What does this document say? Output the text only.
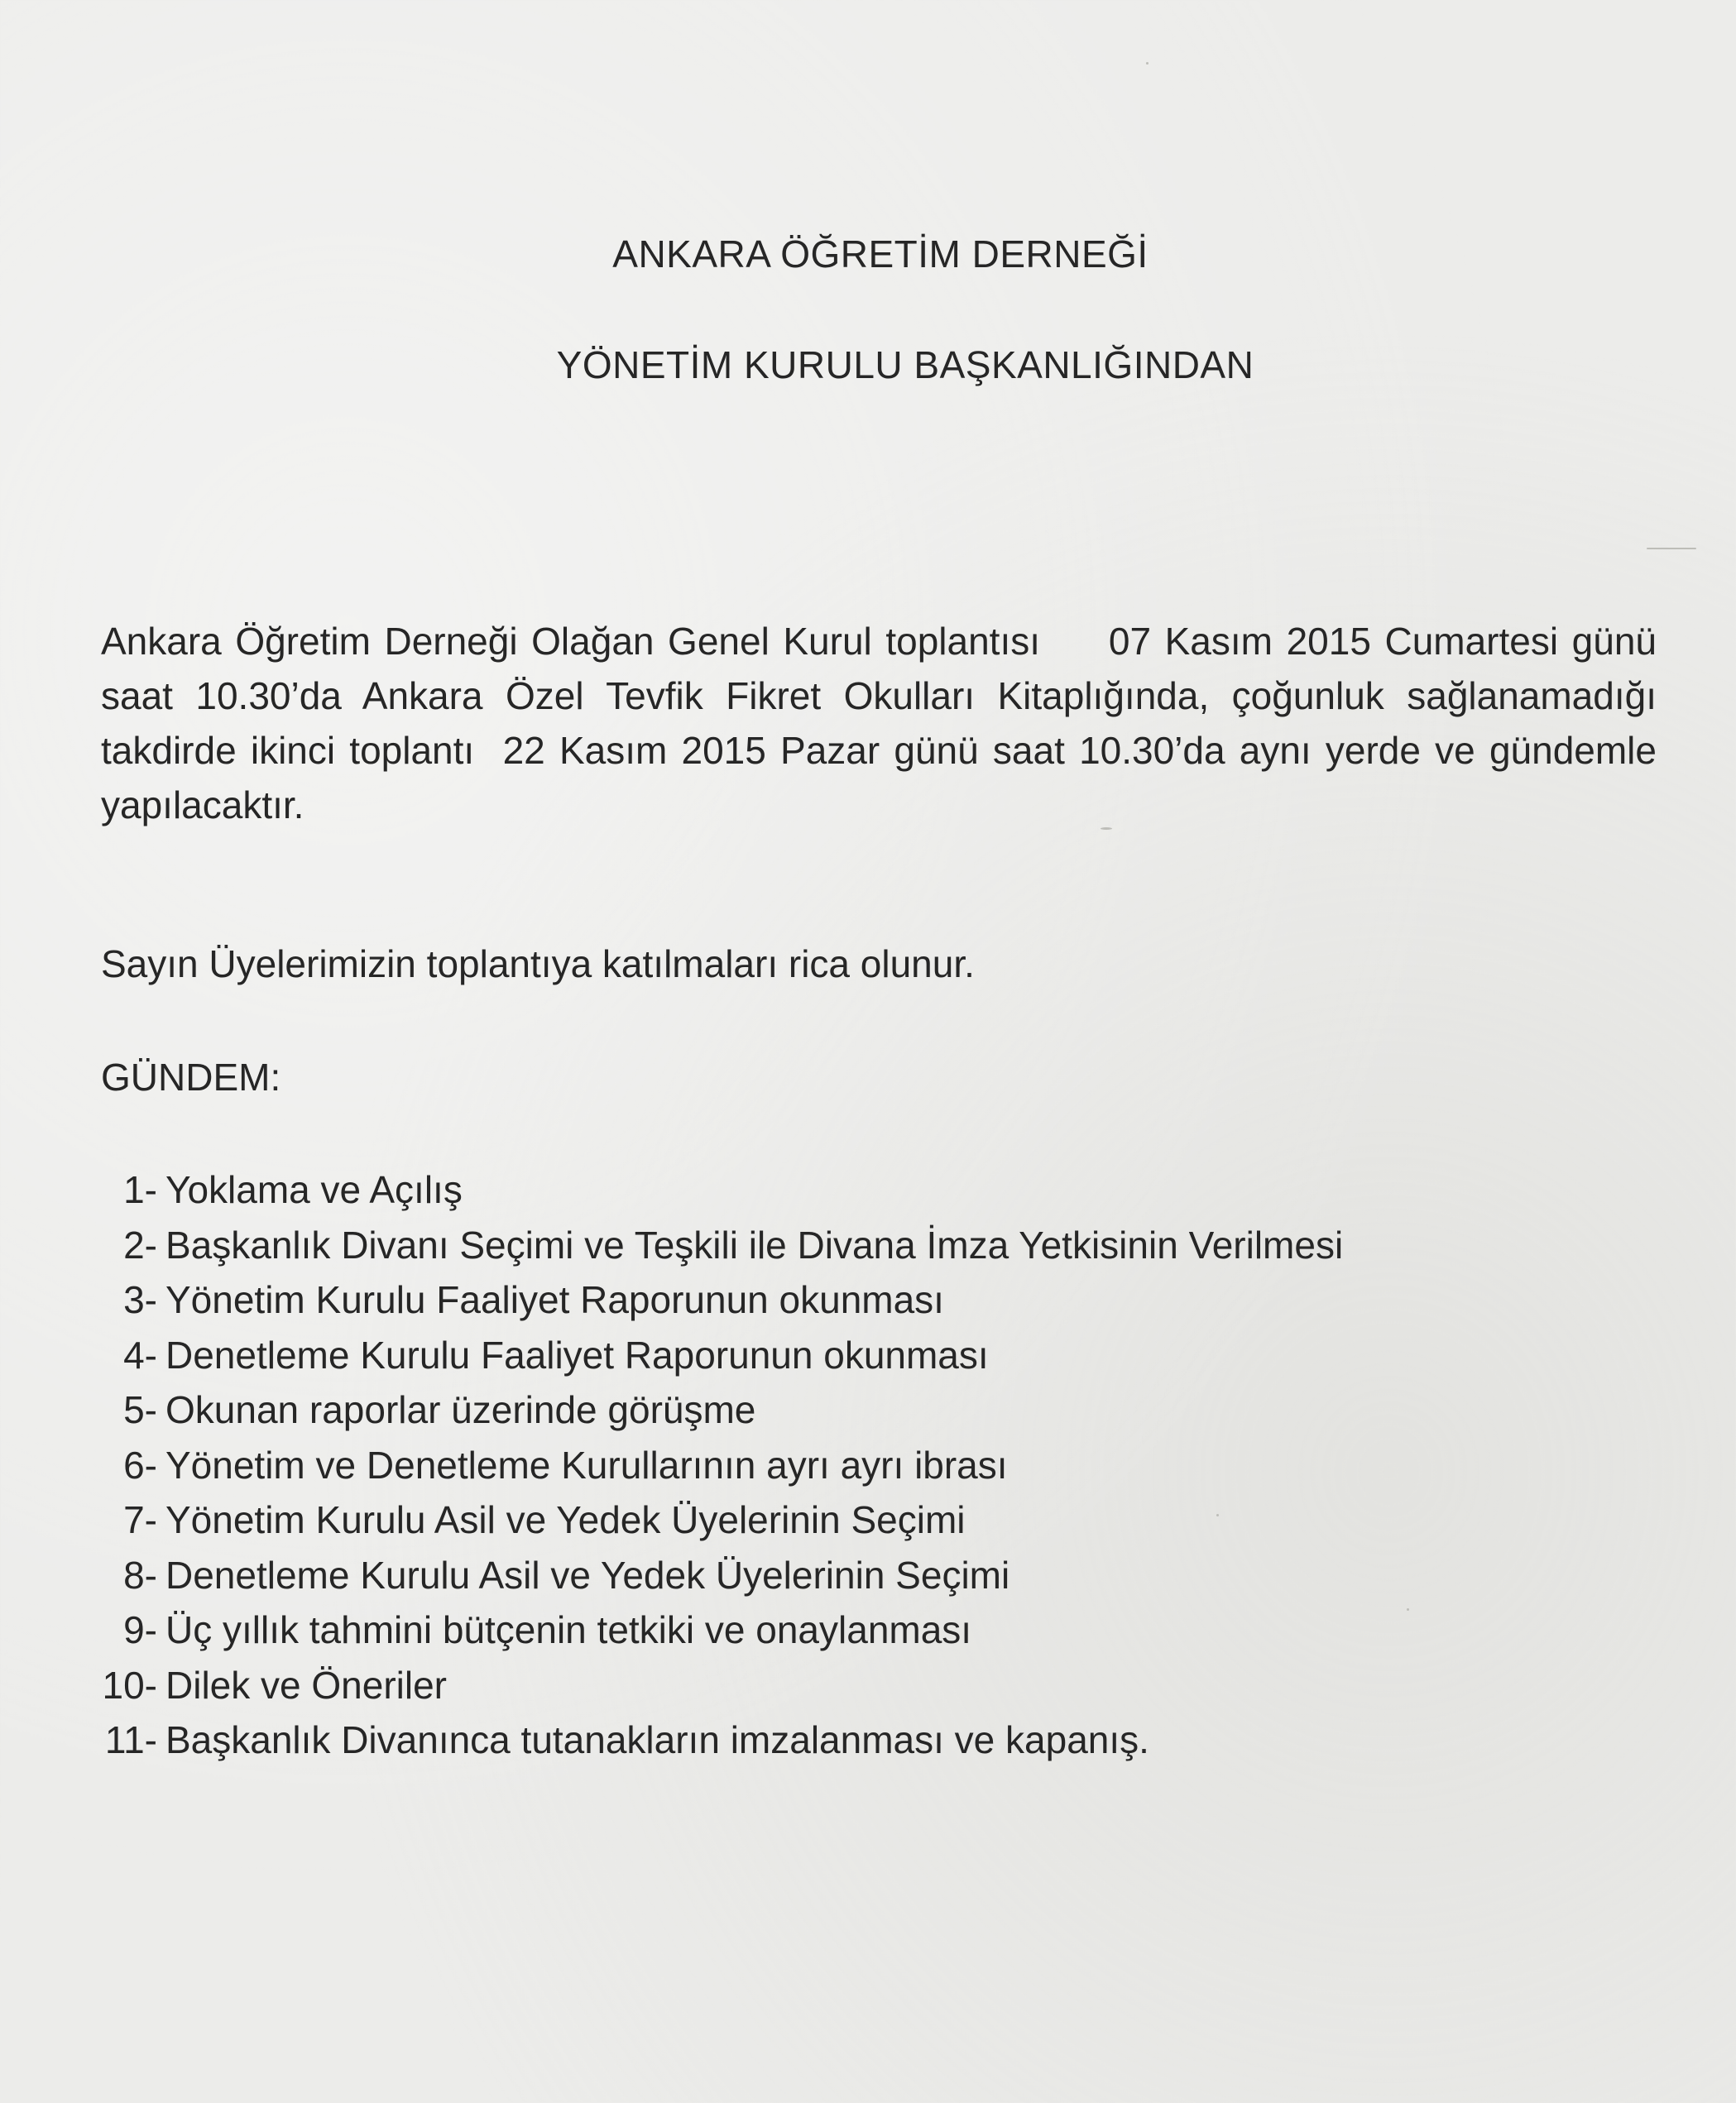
ANKARA ÖĞRETİM DERNEĞİ
YÖNETİM KURULU BAŞKANLIĞINDAN

Ankara Öğretim Derneği Olağan Genel Kurul toplantısı     07 Kasım 2015 Cumartesi günü saat 10.30’da Ankara Özel Tevfik Fikret Okulları Kitaplığında, çoğunluk sağlanamadığı takdirde ikinci toplantı  22 Kasım 2015 Pazar günü saat 10.30’da aynı yerde ve gündemle yapılacaktır.

Sayın Üyelerimizin toplantıya katılmaları rica olunur.
GÜNDEM:
1- Yoklama ve Açılış
2- Başkanlık Divanı Seçimi ve Teşkili ile Divana İmza Yetkisinin Verilmesi
3- Yönetim Kurulu Faaliyet Raporunun okunması
4- Denetleme Kurulu Faaliyet Raporunun okunması
5- Okunan raporlar üzerinde görüşme
6- Yönetim ve Denetleme Kurullarının ayrı ayrı ibrası
7- Yönetim Kurulu Asil ve Yedek Üyelerinin Seçimi
8- Denetleme Kurulu Asil ve Yedek Üyelerinin Seçimi
9- Üç yıllık tahmini bütçenin tetkiki ve onaylanması
10- Dilek ve Öneriler
11- Başkanlık Divanınca tutanakların imzalanması ve kapanış.
